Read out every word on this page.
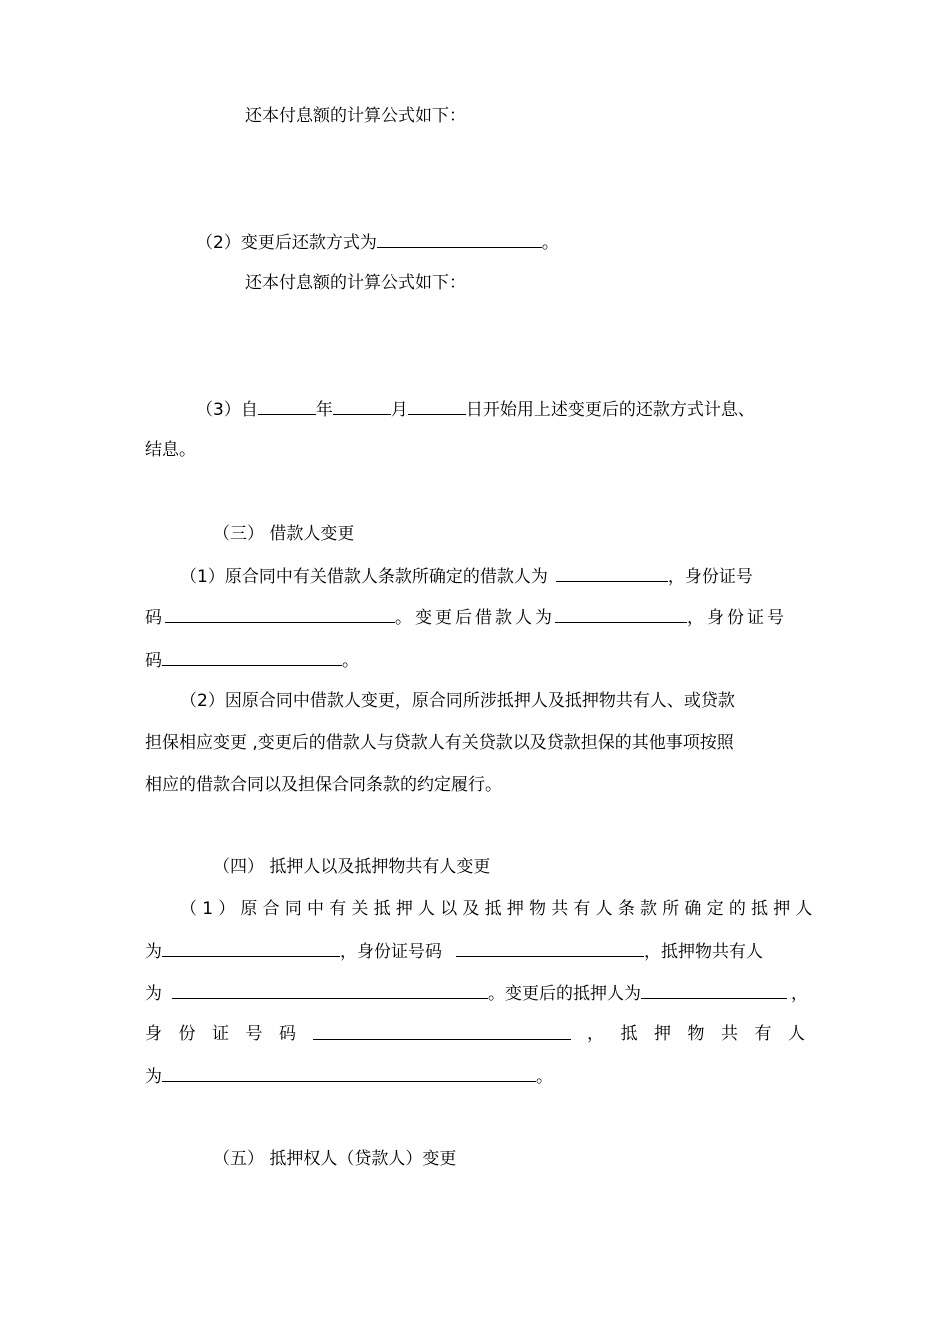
还本付息额的计算公式如下：
（2）变更后还款方式为	。
还本付息额的计算公式如下：
（3）自	年	月	日开始用上述变更后的还款方式计息、
结息。
（三） 借款人变更
（1）原合同中有关借款人条款所确定的借款人为	，身份证号
码	。变更后借款人为	，身份证号
码	。
（2）因原合同中借款人变更，原合同所涉抵押人及抵押物共有人、或贷款
担保相应变更 ,变更后的借款人与贷款人有关贷款以及贷款担保的其他事项按照
相应的借款合同以及担保合同条款的约定履行。
（四） 抵押人以及抵押物共有人变更
（1）原合同中有关抵押人以及抵押物共有人条款所确定的抵押人
为	，身份证号码	，抵押物共有人
为	。变更后的抵押人为	，
身 份 证 号 码	， 抵 押 物 共 有 人
为	。
（五） 抵押权人（贷款人）变更
